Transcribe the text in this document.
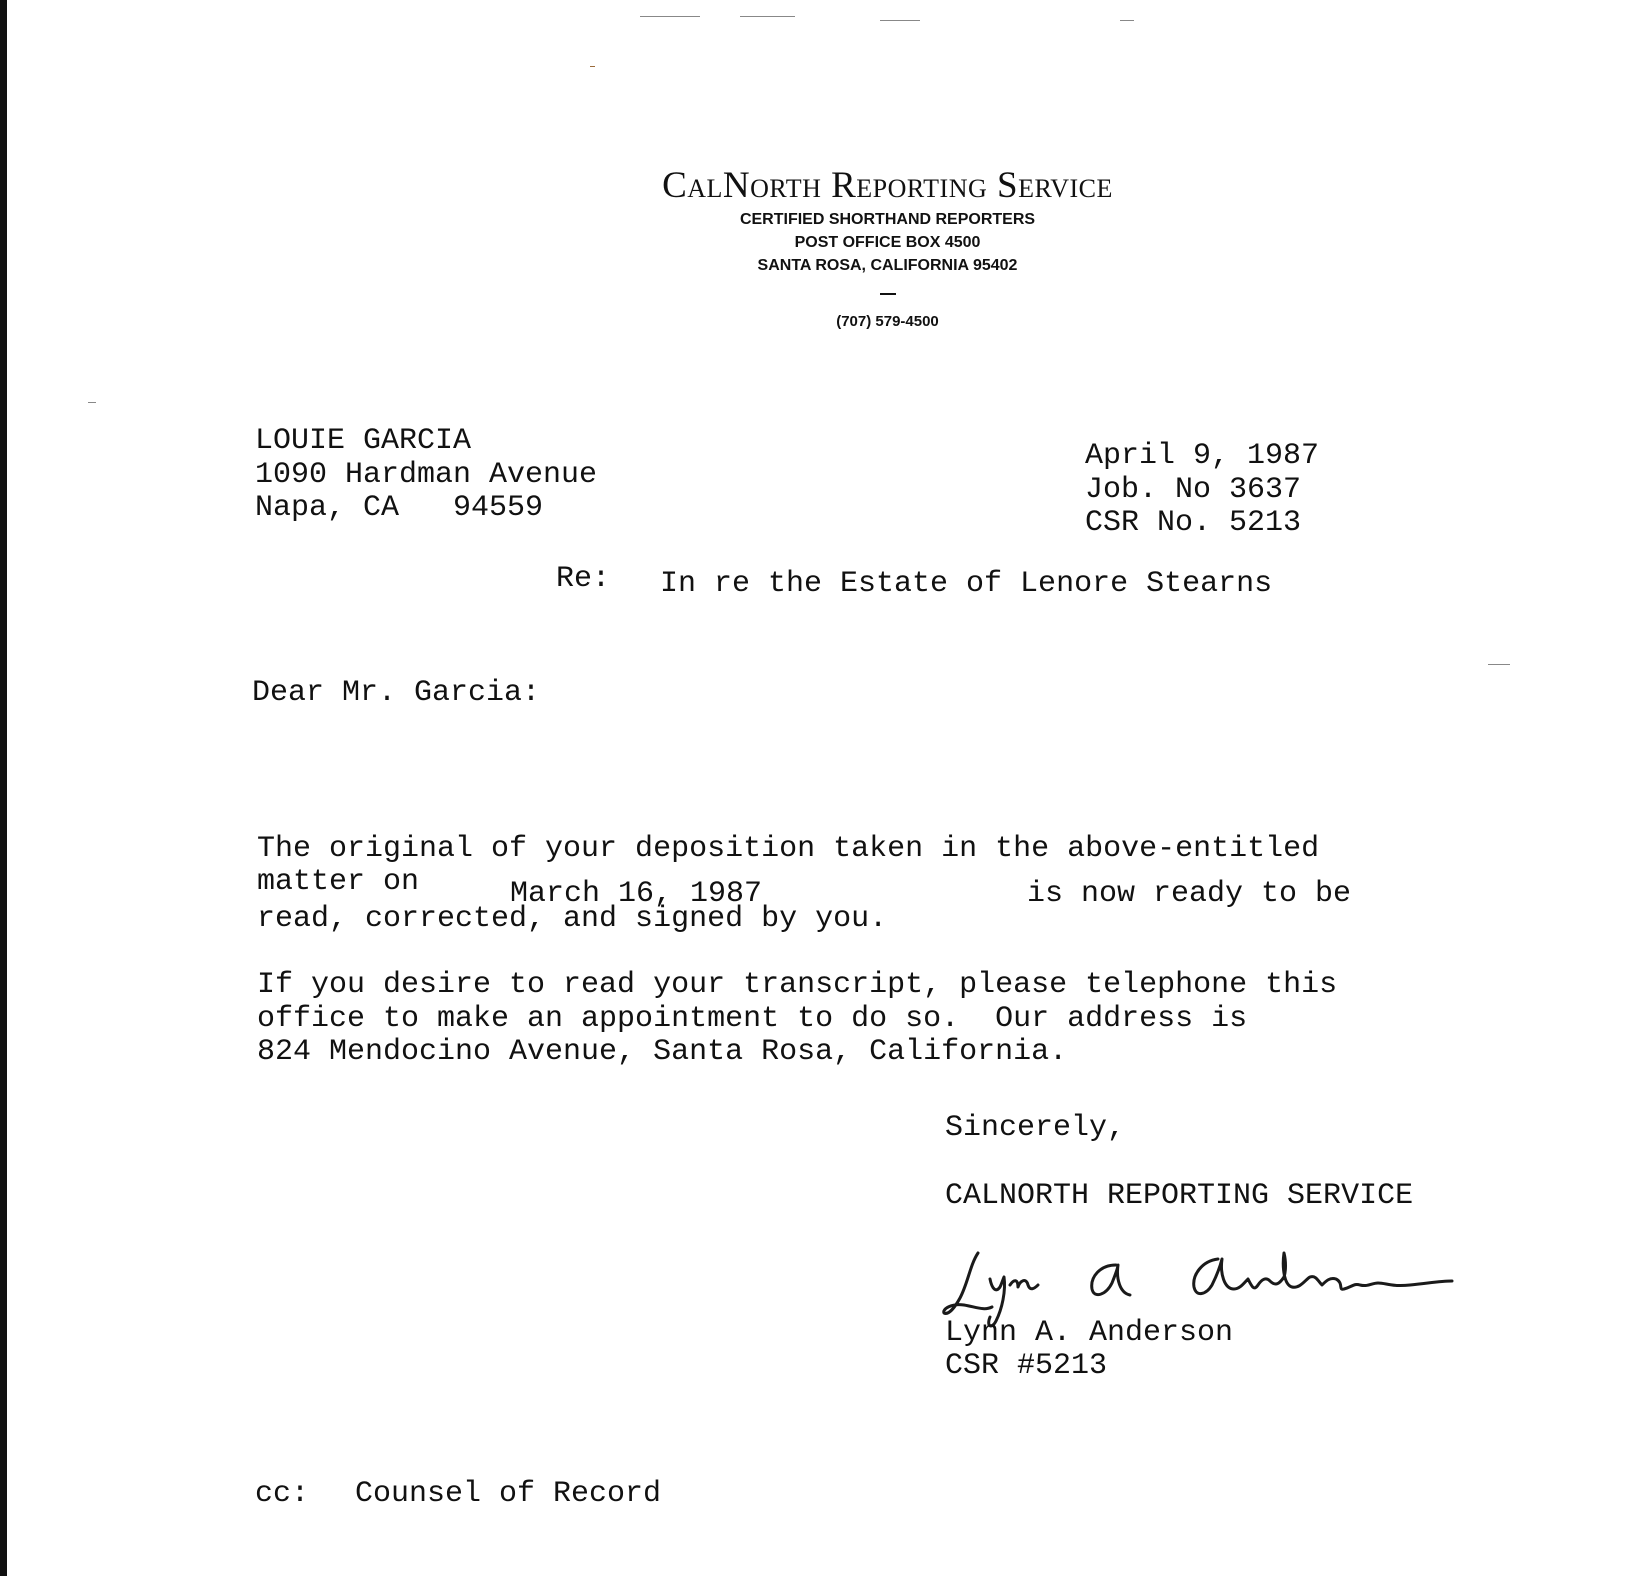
CalNorth Reporting Service
CERTIFIED SHORTHAND REPORTERS
POST OFFICE BOX 4500
SANTA ROSA, CALIFORNIA 95402
(707) 579-4500
LOUIE GARCIA
1090 Hardman Avenue
Napa, CA   94559
April 9, 1987
Job. No 3637
CSR No. 5213
Re: In re the Estate of Lenore Stearns
Dear Mr. Garcia:
The original of your deposition taken in the above-entitled
matter on	March 16, 1987	is now ready to be
read, corrected, and signed by you.
If you desire to read your transcript, please telephone this
office to make an appointment to do so.  Our address is
824 Mendocino Avenue, Santa Rosa, California.
Sincerely,
CALNORTH REPORTING SERVICE
Lynn A. Anderson
CSR #5213
cc: Counsel of Record
